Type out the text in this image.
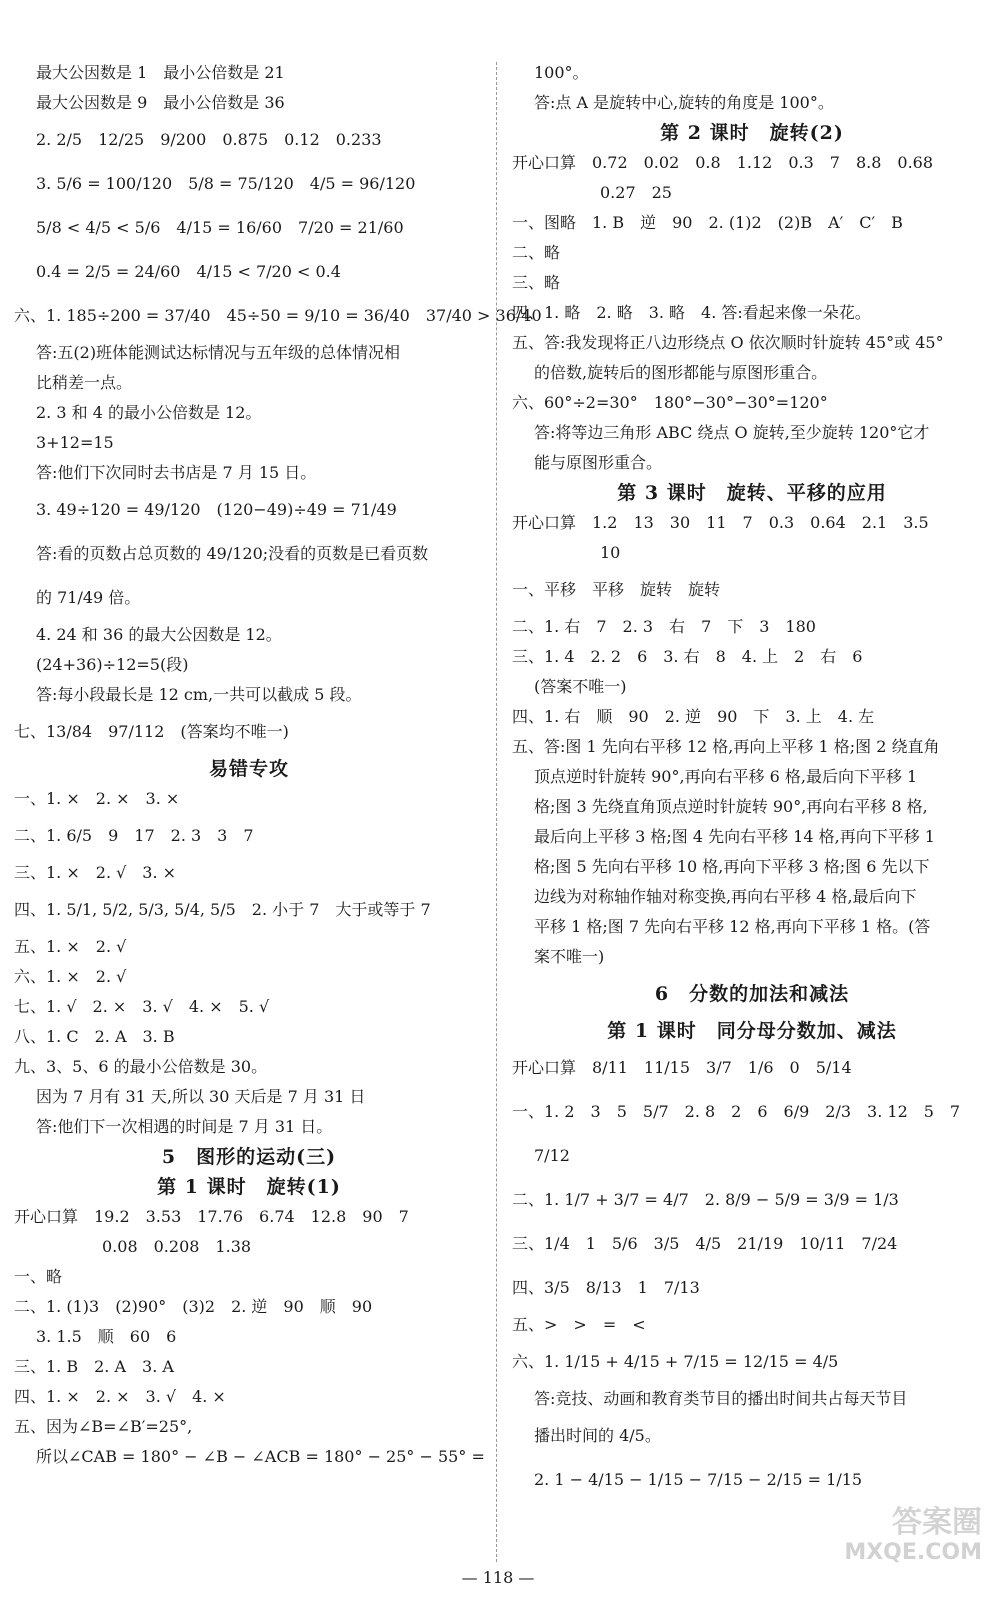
最大公因数是 1　最小公倍数是 21
最大公因数是 9　最小公倍数是 36
2. 2/5　12/25　9/200　0.875　0.12　0.233
3. 5/6 = 100/120　5/8 = 75/120　4/5 = 96/120
5/8 < 4/5 < 5/6　4/15 = 16/60　7/20 = 21/60
0.4 = 2/5 = 24/60　4/15 < 7/20 < 0.4
六、1. 185÷200 = 37/40　45÷50 = 9/10 = 36/40　37/40 > 36/40
答:五(2)班体能测试达标情况与五年级的总体情况相
比稍差一点。
2. 3 和 4 的最小公倍数是 12。
3+12=15
答:他们下次同时去书店是 7 月 15 日。
3. 49÷120 = 49/120　(120−49)÷49 = 71/49
答:看的页数占总页数的 49/120;没看的页数是已看页数
的 71/49 倍。
4. 24 和 36 的最大公因数是 12。
(24+36)÷12=5(段)
答:每小段最长是 12 cm,一共可以截成 5 段。
七、13/84　97/112　(答案均不唯一)
易错专攻
一、1. ×　2. ×　3. ×
二、1. 6/5　9　17　2. 3　3　7
三、1. ×　2. √　3. ×
四、1. 5/1, 5/2, 5/3, 5/4, 5/5　2. 小于 7　大于或等于 7
五、1. ×　2. √
六、1. ×　2. √
七、1. √　2. ×　3. √　4. ×　5. √
八、1. C　2. A　3. B
九、3、5、6 的最小公倍数是 30。
因为 7 月有 31 天,所以 30 天后是 7 月 31 日
答:他们下一次相遇的时间是 7 月 31 日。
5　图形的运动(三)
第 1 课时　旋转(1)
开心口算　19.2　3.53　17.76　6.74　12.8　90　7
0.08　0.208　1.38
一、略
二、1. (1)3　(2)90°　(3)2　2. 逆　90　顺　90
3. 1.5　顺　60　6
三、1. B　2. A　3. A
四、1. ×　2. ×　3. √　4. ×
五、因为∠B=∠B′=25°,
所以∠CAB = 180° − ∠B − ∠ACB = 180° − 25° − 55° =
100°。
答:点 A 是旋转中心,旋转的角度是 100°。
第 2 课时　旋转(2)
开心口算　0.72　0.02　0.8　1.12　0.3　7　8.8　0.68
0.27　25
一、图略　1. B　逆　90　2. (1)2　(2)B　A′　C′　B
二、略
三、略
四、1. 略　2. 略　3. 略　4. 答:看起来像一朵花。
五、答:我发现将正八边形绕点 O 依次顺时针旋转 45°或 45°
的倍数,旋转后的图形都能与原图形重合。
六、60°÷2=30°　180°−30°−30°=120°
答:将等边三角形 ABC 绕点 O 旋转,至少旋转 120°它才
能与原图形重合。
第 3 课时　旋转、平移的应用
开心口算　1.2　13　30　11　7　0.3　0.64　2.1　3.5
10
一、平移　平移　旋转　旋转
二、1. 右　7　2. 3　右　7　下　3　180
三、1. 4　2. 2　6　3. 右　8　4. 上　2　右　6
(答案不唯一)
四、1. 右　顺　90　2. 逆　90　下　3. 上　4. 左
五、答:图 1 先向右平移 12 格,再向上平移 1 格;图 2 绕直角
顶点逆时针旋转 90°,再向右平移 6 格,最后向下平移 1
格;图 3 先绕直角顶点逆时针旋转 90°,再向右平移 8 格,
最后向上平移 3 格;图 4 先向右平移 14 格,再向下平移 1
格;图 5 先向右平移 10 格,再向下平移 3 格;图 6 先以下
边线为对称轴作轴对称变换,再向右平移 4 格,最后向下
平移 1 格;图 7 先向右平移 12 格,再向下平移 1 格。(答
案不唯一)
6　分数的加法和减法
第 1 课时　同分母分数加、减法
开心口算　8/11　11/15　3/7　1/6　0　5/14
一、1. 2　3　5　5/7　2. 8　2　6　6/9　2/3　3. 12　5　7
7/12
二、1. 1/7 + 3/7 = 4/7　2. 8/9 − 5/9 = 3/9 = 1/3
三、1/4　1　5/6　3/5　4/5　21/19　10/11　7/24
四、3/5　8/13　1　7/13
五、>　>　=　<
六、1. 1/15 + 4/15 + 7/15 = 12/15 = 4/5
答:竞技、动画和教育类节目的播出时间共占每天节目
播出时间的 4/5。
2. 1 − 4/15 − 1/15 − 7/15 − 2/15 = 1/15
— 118 —
答案圈
MXQE.COM
